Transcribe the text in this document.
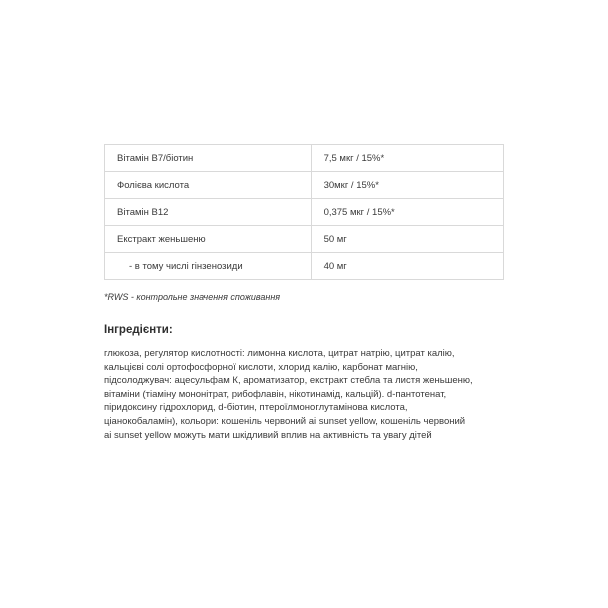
Вітамін B7/біотин	7,5 мкг / 15%*
Фолієва кислота	30мкг / 15%*
Вітамін B12	0,375 мкг / 15%*
Екстракт женьшеню	50 мг
- в тому числі гінзенозиди	40 мг
*RWS - контрольне значення споживання
Інгредієнти:
глюкоза, регулятор кислотності: лимонна кислота, цитрат натрію, цитрат калію, кальцієві солі ортофосфорної кислоти, хлорид калію, карбонат магнію, підсолоджувач: ацесульфам К, ароматизатор, екстракт стебла та листя женьшеню, вітаміни (тіаміну мононітрат, рибофлавін, нікотинамід, кальцій). d-пантотенат, піридоксину гідрохлорид, d-біотин, птероїлмоноглутамінова кислота, ціанокобаламін), кольори: кошеніль червоний аі sunset yellow, кошеніль червоний аі sunset yellow можуть мати шкідливий вплив на активність та увагу дітей
